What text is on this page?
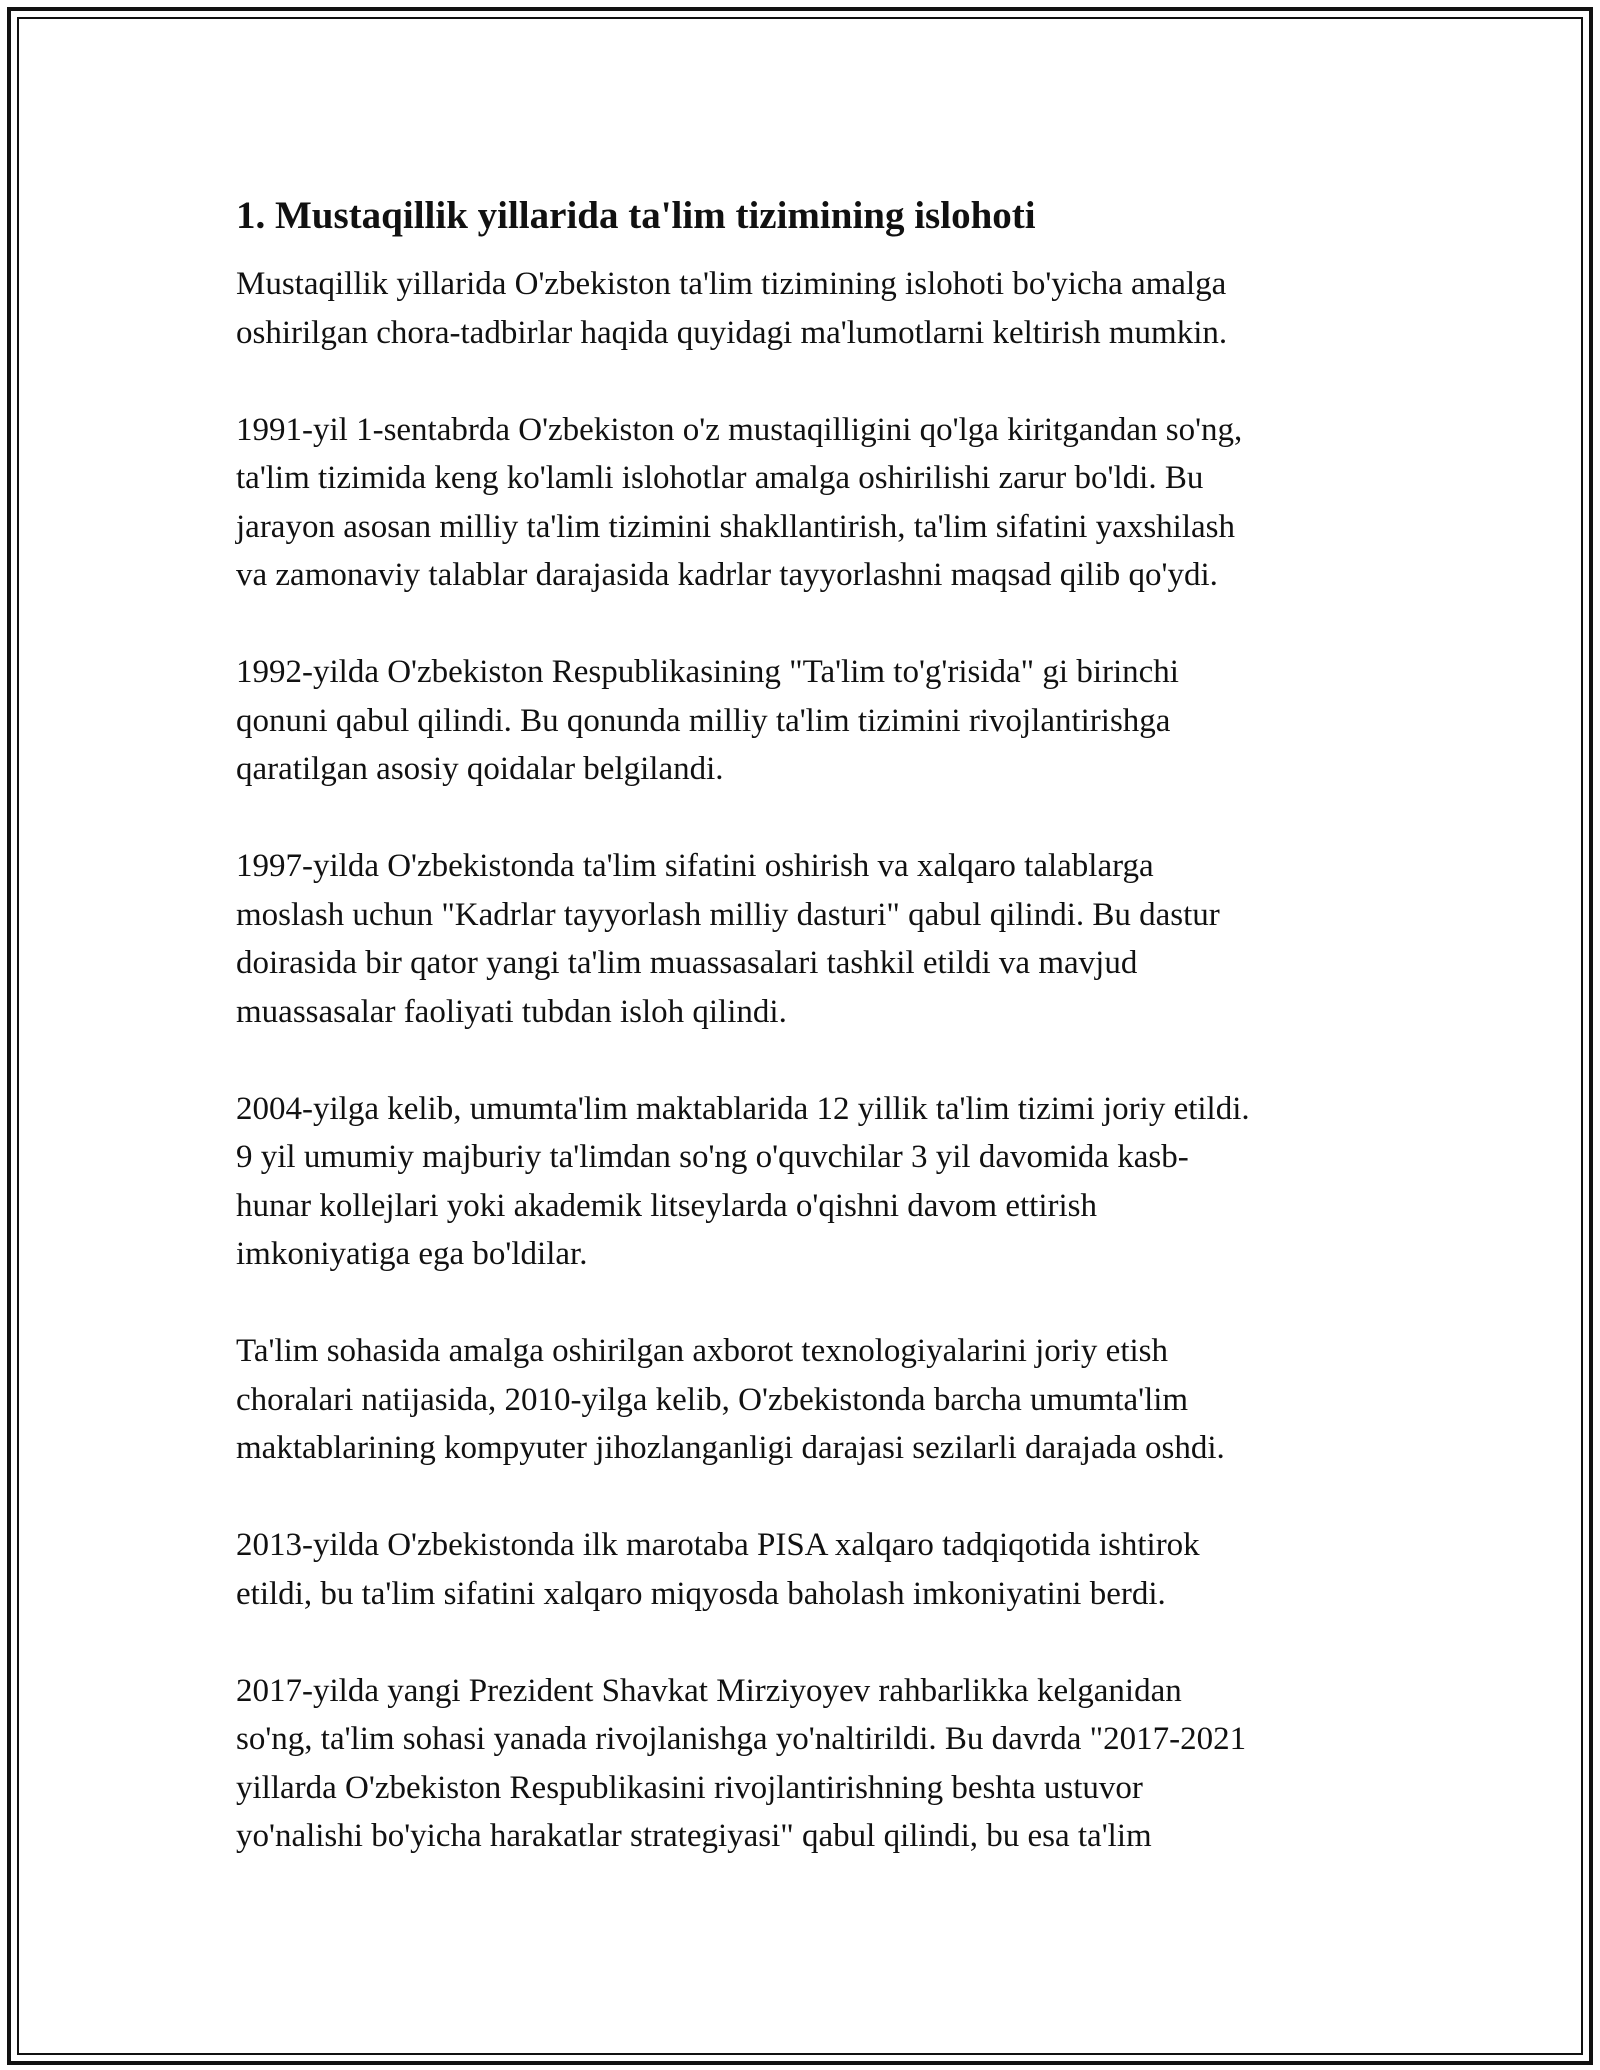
1. Mustaqillik yillarida ta'lim tizimining islohoti

Mustaqillik yillarida O'zbekiston ta'lim tizimining islohoti bo'yicha amalga
oshirilgan chora-tadbirlar haqida quyidagi ma'lumotlarni keltirish mumkin.

1991-yil 1-sentabrda O'zbekiston o'z mustaqilligini qo'lga kiritgandan so'ng,
ta'lim tizimida keng ko'lamli islohotlar amalga oshirilishi zarur bo'ldi. Bu
jarayon asosan milliy ta'lim tizimini shakllantirish, ta'lim sifatini yaxshilash
va zamonaviy talablar darajasida kadrlar tayyorlashni maqsad qilib qo'ydi.

1992-yilda O'zbekiston Respublikasining "Ta'lim to'g'risida" gi birinchi
qonuni qabul qilindi. Bu qonunda milliy ta'lim tizimini rivojlantirishga
qaratilgan asosiy qoidalar belgilandi.

1997-yilda O'zbekistonda ta'lim sifatini oshirish va xalqaro talablarga
moslash uchun "Kadrlar tayyorlash milliy dasturi" qabul qilindi. Bu dastur
doirasida bir qator yangi ta'lim muassasalari tashkil etildi va mavjud
muassasalar faoliyati tubdan isloh qilindi.

2004-yilga kelib, umumta'lim maktablarida 12 yillik ta'lim tizimi joriy etildi.
9 yil umumiy majburiy ta'limdan so'ng o'quvchilar 3 yil davomida kasb-
hunar kollejlari yoki akademik litseylarda o'qishni davom ettirish
imkoniyatiga ega bo'ldilar.

Ta'lim sohasida amalga oshirilgan axborot texnologiyalarini joriy etish
choralari natijasida, 2010-yilga kelib, O'zbekistonda barcha umumta'lim
maktablarining kompyuter jihozlanganligi darajasi sezilarli darajada oshdi.

2013-yilda O'zbekistonda ilk marotaba PISA xalqaro tadqiqotida ishtirok
etildi, bu ta'lim sifatini xalqaro miqyosda baholash imkoniyatini berdi.

2017-yilda yangi Prezident Shavkat Mirziyoyev rahbarlikka kelganidan
so'ng, ta'lim sohasi yanada rivojlanishga yo'naltirildi. Bu davrda "2017-2021
yillarda O'zbekiston Respublikasini rivojlantirishning beshta ustuvor
yo'nalishi bo'yicha harakatlar strategiyasi" qabul qilindi, bu esa ta'lim
